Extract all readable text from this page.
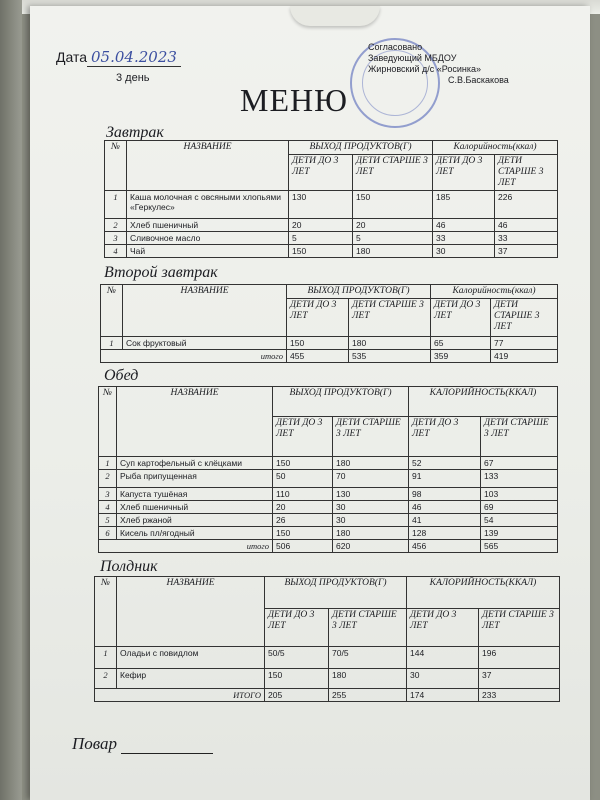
Дата 05.04.2023
3 день
Согласовано
Заведующий МБДОУ
Жирновский д/с «Росинка»
С.В.Баскакова
МЕНЮ
Завтрак
№	НАЗВАНИЕ	ВЫХОД ПРОДУКТОВ(Г)		Калорийность(ккал)	
		ДЕТИ ДО 3 ЛЕТ	ДЕТИ СТАРШЕ 3 ЛЕТ	ДЕТИ ДО 3 ЛЕТ	ДЕТИ СТАРШЕ 3 ЛЕТ
1	Каша молочная с овсяными хлопьями «Геркулес»	130	150	185	226
2	Хлеб пшеничный	20	20	46	46
3	Сливочное масло	5	5	33	33
4	Чай	150	180	30	37
Второй завтрак
№	НАЗВАНИЕ	ВЫХОД ПРОДУКТОВ(Г)		Калорийность(ккал)	
		ДЕТИ ДО 3 ЛЕТ	ДЕТИ СТАРШЕ 3 ЛЕТ	ДЕТИ ДО 3 ЛЕТ	ДЕТИ СТАРШЕ 3 ЛЕТ
1	Сок фруктовый	150	180	65	77
итого		455	535	359	419
Обед
№	НАЗВАНИЕ	ВЫХОД ПРОДУКТОВ(Г)		КАЛОРИЙНОСТЬ(ККАЛ)	
		ДЕТИ ДО 3 ЛЕТ	ДЕТИ СТАРШЕ 3 ЛЕТ	ДЕТИ ДО 3 ЛЕТ	ДЕТИ СТАРШЕ 3 ЛЕТ
1	Суп картофельный с клёцками	150	180	52	67
2	Рыба припущенная	50	70	91	133
3	Капуста тушёная	110	130	98	103
4	Хлеб пшеничный	20	30	46	69
5	Хлеб ржаной	26	30	41	54
6	Кисель пл/ягодный	150	180	128	139
итого		506	620	456	565
Полдник
№	НАЗВАНИЕ	ВЫХОД ПРОДУКТОВ(Г)		КАЛОРИЙНОСТЬ(ККАЛ)	
		ДЕТИ ДО 3 ЛЕТ	ДЕТИ СТАРШЕ 3 ЛЕТ	ДЕТИ ДО 3 ЛЕТ	ДЕТИ СТАРШЕ 3 ЛЕТ
1	Оладьи с повидлом	50/5	70/5	144	196
2	Кефир	150	180	30	37
ИТОГО		205	255	174	233
Повар
